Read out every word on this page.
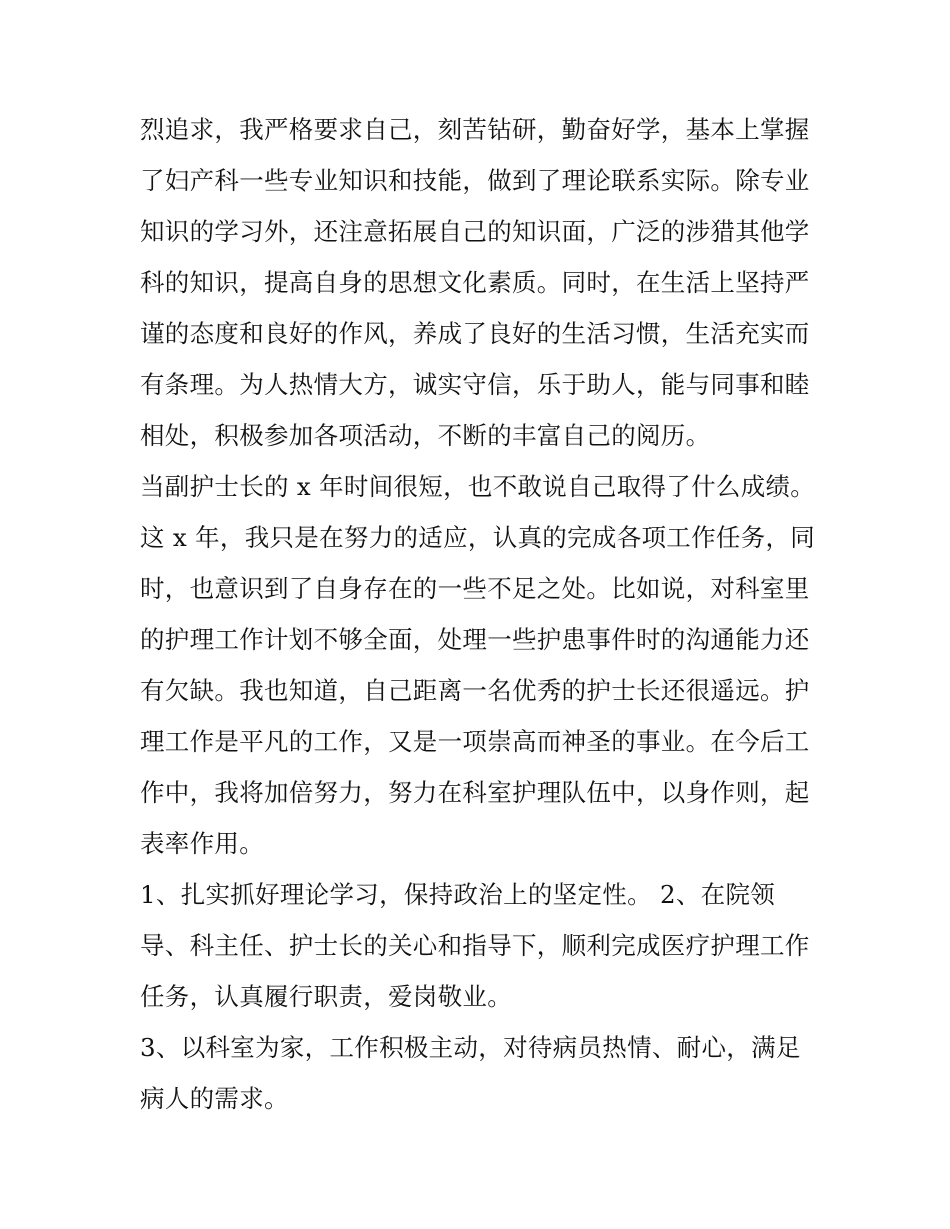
烈追求，我严格要求自己，刻苦钻研，勤奋好学，基本上掌握
了妇产科一些专业知识和技能，做到了理论联系实际。除专业
知识的学习外，还注意拓展自己的知识面，广泛的涉猎其他学
科的知识，提高自身的思想文化素质。同时，在生活上坚持严
谨的态度和良好的作风，养成了良好的生活习惯，生活充实而
有条理。为人热情大方，诚实守信，乐于助人，能与同事和睦
相处，积极参加各项活动，不断的丰富自己的阅历。
当副护士长的 x 年时间很短，也不敢说自己取得了什么成绩。
这 x 年，我只是在努力的适应，认真的完成各项工作任务，同
时，也意识到了自身存在的一些不足之处。比如说，对科室里
的护理工作计划不够全面，处理一些护患事件时的沟通能力还
有欠缺。我也知道，自己距离一名优秀的护士长还很遥远。护
理工作是平凡的工作，又是一项崇高而神圣的事业。在今后工
作中，我将加倍努力，努力在科室护理队伍中，以身作则，起
表率作用。
1、扎实抓好理论学习，保持政治上的坚定性。 2、在院领
导、科主任、护士长的关心和指导下，顺利完成医疗护理工作
任务，认真履行职责，爱岗敬业。
3、以科室为家，工作积极主动，对待病员热情、耐心，满足
病人的需求。
